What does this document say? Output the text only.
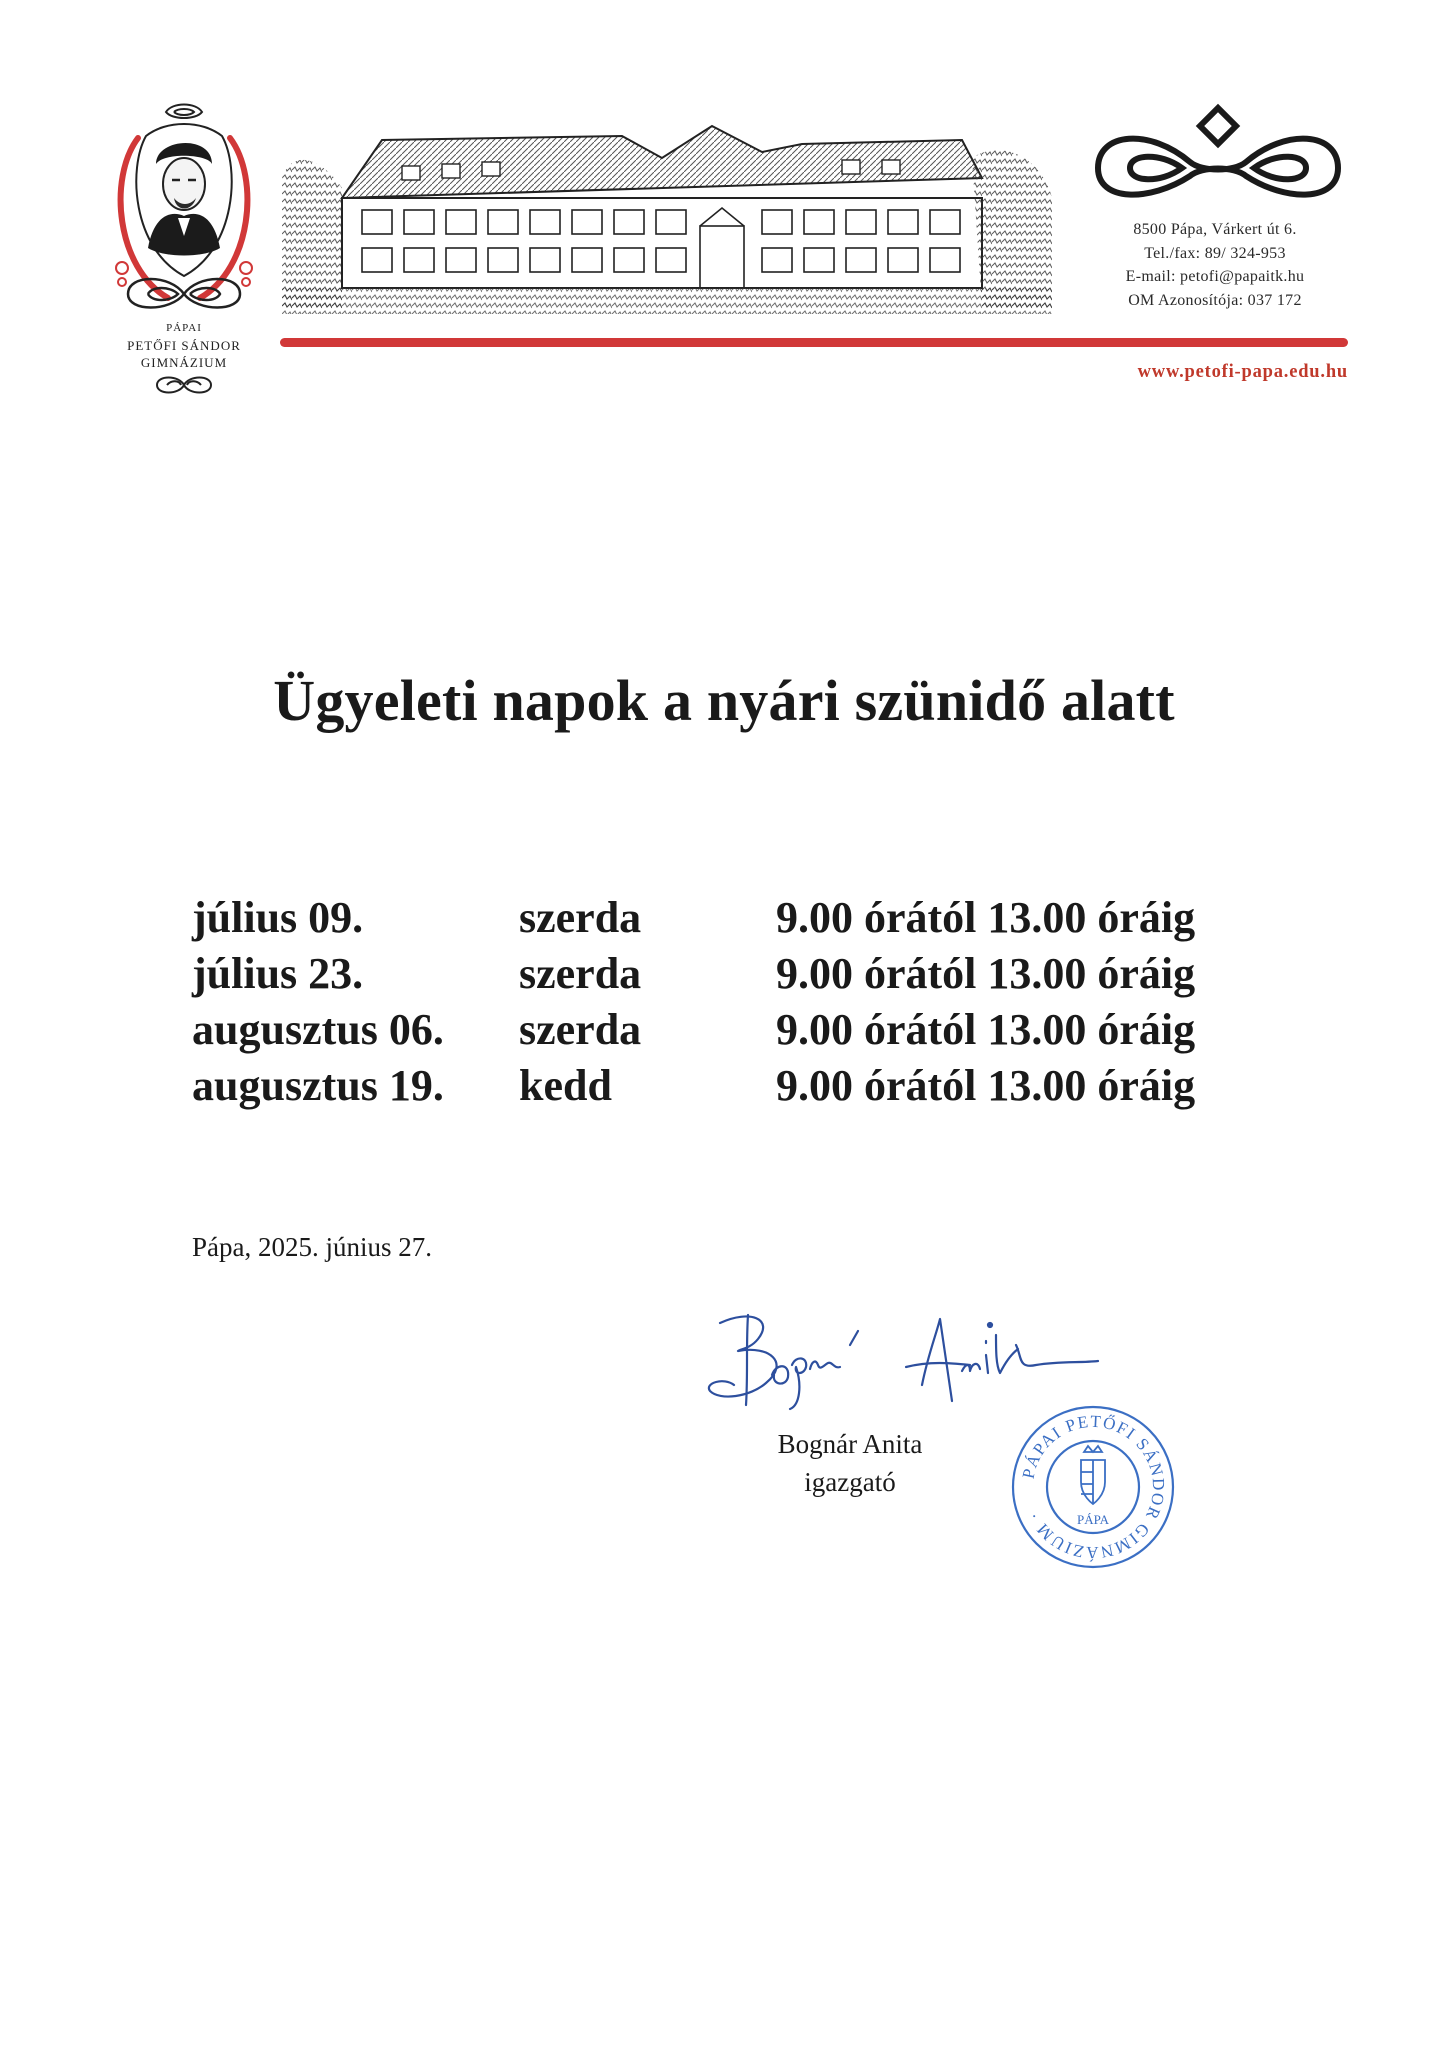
PÁPAI
PETŐFI SÁNDOR
GIMNÁZIUM
8500 Pápa, Várkert út 6.
Tel./fax: 89/ 324-953
E-mail: petofi@papaitk.hu
OM Azonosítója: 037 172
www.petofi-papa.edu.hu
Ügyeleti napok a nyári szünidő alatt
július 09.	szerda	9.00 órától 13.00 óráig
július 23.	szerda	9.00 órától 13.00 óráig
augusztus 06. szerda	9.00 órától 13.00 óráig
augusztus 19. kedd	9.00 órától 13.00 óráig
Pápa, 2025. június 27.
Bognár Anita
igazgató	PÁPAI PETŐFI SÁNDOR GIMNÁZIUM ·	PÁPA
